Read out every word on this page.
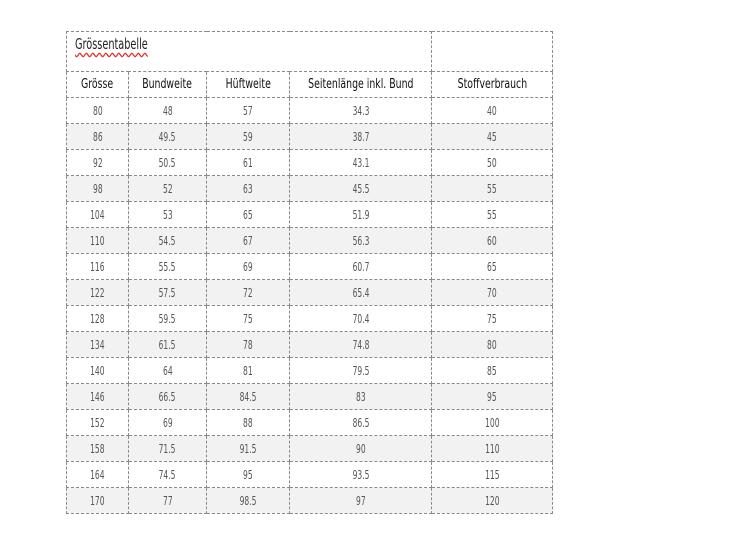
Grössentabelle				
Grösse	Bundweite	Hüftweite	Seitenlänge inkl. Bund	Stoffverbrauch
80	48	57	34.3	40
86	49.5	59	38.7	45
92	50.5	61	43.1	50
98	52	63	45.5	55
104	53	65	51.9	55
110	54.5	67	56.3	60
116	55.5	69	60.7	65
122	57.5	72	65.4	70
128	59.5	75	70.4	75
134	61.5	78	74.8	80
140	64	81	79.5	85
146	66.5	84.5	83	95
152	69	88	86.5	100
158	71.5	91.5	90	110
164	74.5	95	93.5	115
170	77	98.5	97	120
